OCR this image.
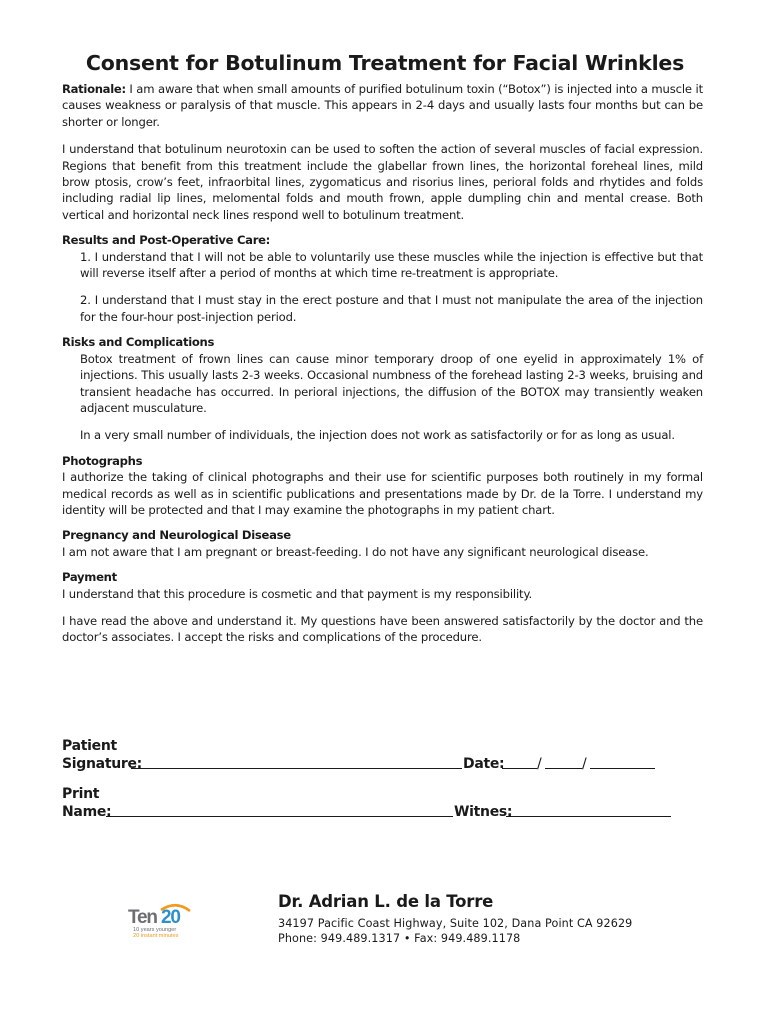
Consent for Botulinum Treatment for Facial Wrinkles

Rationale: I am aware that when small amounts of purified botulinum toxin (“Botox”) is injected into a muscle it causes weakness or paralysis of that muscle. This appears in 2-4 days and usually lasts four months but can be shorter or longer.

I understand that botulinum neurotoxin can be used to soften the action of several muscles of facial expression. Regions that benefit from this treatment include the glabellar frown lines, the horizontal foreheal lines, mild brow ptosis, crow’s feet, infraorbital lines, zygomaticus and risorius lines, perioral folds and rhytides and folds including radial lip lines, melomental folds and mouth frown, apple dumpling chin and mental crease. Both vertical and horizontal neck lines respond well to botulinum treatment.

Results and Post-Operative Care:

1. I understand that I will not be able to voluntarily use these muscles while the injection is effective but that will reverse itself after a period of months at which time re-treatment is appropriate.

2. I understand that I must stay in the erect posture and that I must not manipulate the area of the injection for the four-hour post-injection period.

Risks and Complications

Botox treatment of frown lines can cause minor temporary droop of one eyelid in approximately 1% of injections. This usually lasts 2-3 weeks. Occasional numbness of the forehead lasting 2-3 weeks, bruising and transient headache has occurred. In perioral injections, the diffusion of the BOTOX may transiently weaken adjacent musculature.

In a very small number of individuals, the injection does not work as satisfactorily or for as long as usual.

Photographs

I authorize the taking of clinical photographs and their use for scientific purposes both routinely in my formal medical records as well as in scientific publications and presentations made by Dr. de la Torre. I understand my identity will be protected and that I may examine the photographs in my patient chart.

Pregnancy and Neurological Disease

I am not aware that I am pregnant or breast-feeding. I do not have any significant neurological disease.

Payment

I understand that this procedure is cosmetic and that payment is my responsibility.

I have read the above and understand it. My questions have been answered satisfactorily by the doctor and the doctor’s associates. I accept the risks and complications of the procedure.

Patient
Signature:	Date: /	/
Print
Name:	Witnes:
Ten 20
10 years younger
20 instant minutes
Dr. Adrian L. de la Torre
34197 Pacific Coast Highway, Suite 102, Dana Point CA 92629
Phone: 949.489.1317 • Fax: 949.489.1178
